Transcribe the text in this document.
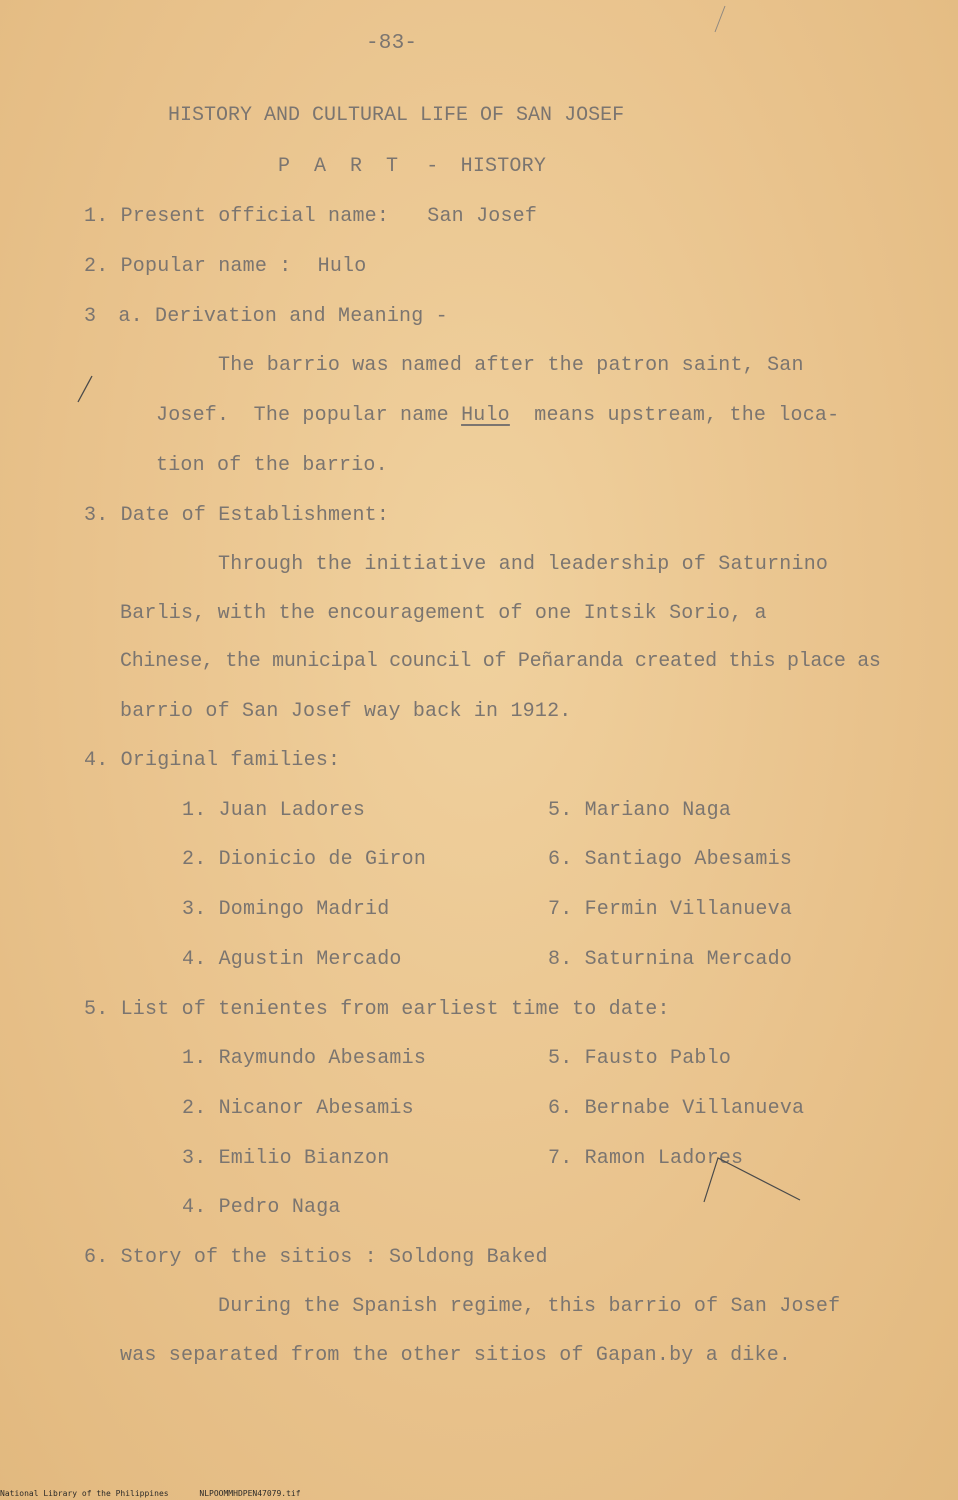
-83-
HISTORY AND CULTURAL LIFE OF SAN JOSEF
P A R T - HISTORY
1. Present official name: San Josef
2. Popular name : Hulo
3 a. Derivation and Meaning -
The barrio was named after the patron saint, San
Josef.  The popular name Hulo  means upstream, the loca-
tion of the barrio.
3. Date of Establishment:
Through the initiative and leadership of Saturnino
Barlis, with the encouragement of one Intsik Sorio, a
Chinese, the municipal council of Peñaranda created this place as
barrio of San Josef way back in 1912.
4. Original families:
1. Juan Ladores
2. Dionicio de Giron
3. Domingo Madrid
4. Agustin Mercado
5. Mariano Naga
6. Santiago Abesamis
7. Fermin Villanueva
8. Saturnina Mercado
5. List of tenientes from earliest time to date:
1. Raymundo Abesamis
2. Nicanor Abesamis
3. Emilio Bianzon
4. Pedro Naga
5. Fausto Pablo
6. Bernabe Villanueva
7. Ramon Ladores
6. Story of the sitios : Soldong Baked
During the Spanish regime, this barrio of San Josef
was separated from the other sitios of Gapan.by a dike.
National Library of the Philippines	NLPOOMMHDPEN47079.tif
